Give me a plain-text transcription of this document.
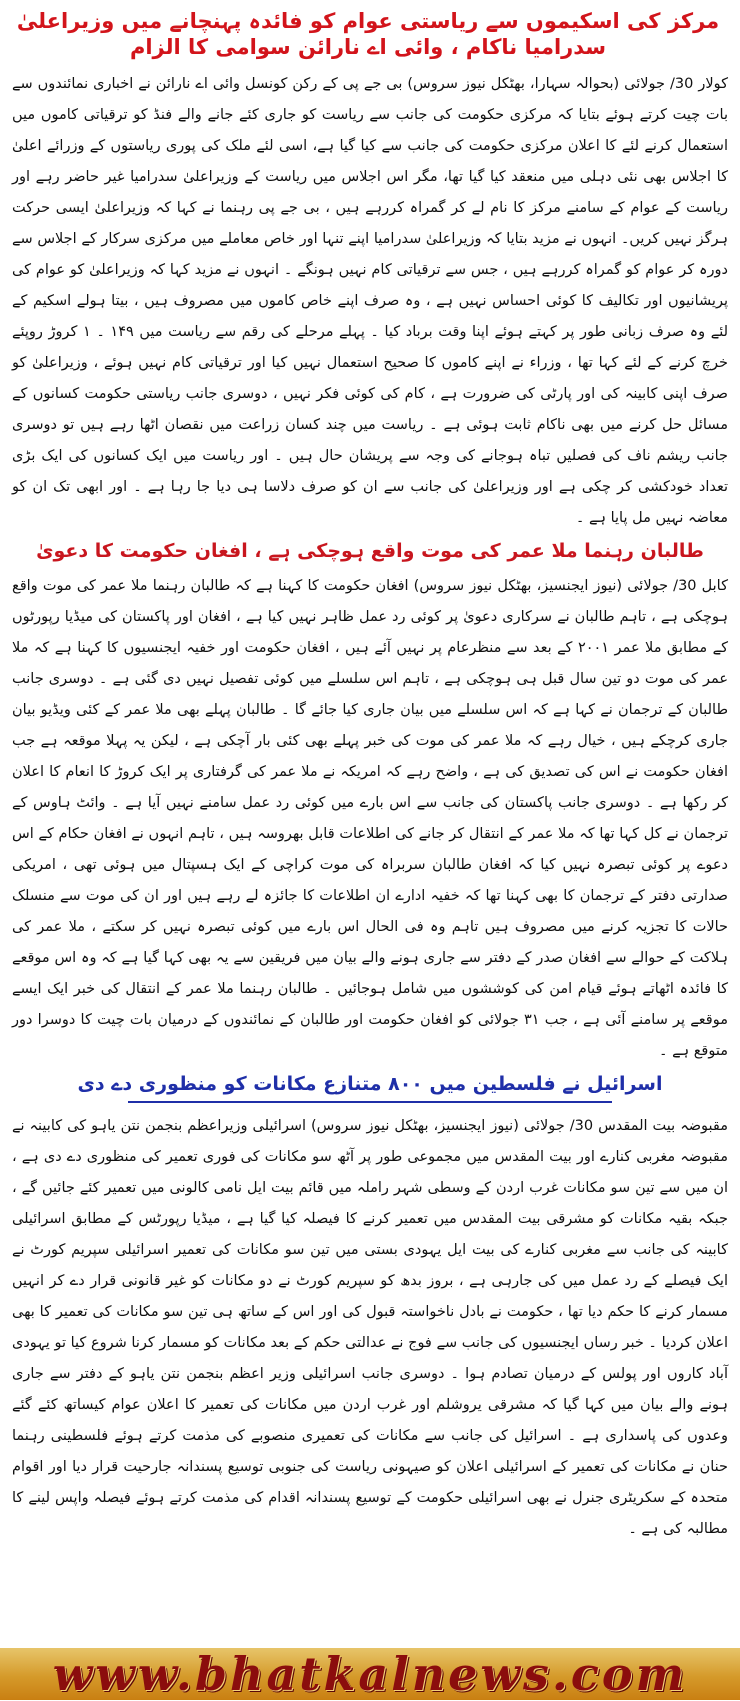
مرکز کی اسکیموں سے ریاستی عوام کو فائدہ پہنچانے میں وزیراعلیٰ سدرامیا ناکام ، وائی اے نارائن سوامی کا الزام

کولار 30/ جولائی (بحوالہ سہارا، بھٹکل نیوز سروس) بی جے پی کے رکن کونسل وائی اے نارائن نے اخباری نمائندوں سے بات چیت کرتے ہوئے بتایا کہ مرکزی حکومت کی جانب سے ریاست کو جاری کئے جانے والے فنڈ کو ترقیاتی کاموں میں استعمال کرنے لئے کا اعلان مرکزی حکومت کی جانب سے کیا گیا ہے، اسی لئے ملک کی پوری ریاستوں کے وزرائے اعلیٰ کا اجلاس بھی نئی دہلی میں منعقد کیا گیا تھا، مگر اس اجلاس میں ریاست کے وزیراعلیٰ سدرامیا غیر حاضر رہے اور ریاست کے عوام کے سامنے مرکز کا نام لے کر گمراہ کررہے ہیں ، بی جے پی رہنما نے کہا کہ وزیراعلیٰ ایسی حرکت ہرگز نہیں کریں۔ انہوں نے مزید بتایا کہ وزیراعلیٰ سدرامیا اپنے تنہا اور خاص معاملے میں مرکزی سرکار کے اجلاس سے دورہ کر عوام کو گمراہ کررہے ہیں ، جس سے ترقیاتی کام نہیں ہونگے ۔ انہوں نے مزید کہا کہ وزیراعلیٰ کو عوام کی پریشانیوں اور تکالیف کا کوئی احساس نہیں ہے ، وہ صرف اپنے خاص کاموں میں مصروف ہیں ، بیتا ہولے اسکیم کے لئے وہ صرف زبانی طور پر کہتے ہوئے اپنا وقت برباد کیا ۔ پہلے مرحلے کی رقم سے ریاست میں ۱۴۹ ۔ ۱ کروڑ روپئے خرچ کرنے کے لئے کہا تھا ، وزراء نے اپنے کاموں کا صحیح استعمال نہیں کیا اور ترقیاتی کام نہیں ہوئے ، وزیراعلیٰ کو صرف اپنی کابینہ کی اور پارٹی کی ضرورت ہے ، کام کی کوئی فکر نہیں ، دوسری جانب ریاستی حکومت کسانوں کے مسائل حل کرنے میں بھی ناکام ثابت ہوئی ہے ۔ ریاست میں چند کسان زراعت میں نقصان اٹھا رہے ہیں تو دوسری جانب ریشم ناف کی فصلیں تباہ ہوجانے کی وجہ سے پریشان حال ہیں ۔ اور ریاست میں ایک کسانوں کی ایک بڑی تعداد خودکشی کر چکی ہے اور وزیراعلیٰ کی جانب سے ان کو صرف دلاسا ہی دیا جا رہا ہے ۔ اور ابھی تک ان کو معاضہ نہیں مل پایا ہے ۔

طالبان رہنما ملا عمر کی موت واقع ہوچکی ہے ، افغان حکومت کا دعویٰ

کابل 30/ جولائی (نیوز ایجنسیز، بھٹکل نیوز سروس) افغان حکومت کا کہنا ہے کہ طالبان رہنما ملا عمر کی موت واقع ہوچکی ہے ، تاہم طالبان نے سرکاری دعویٰ پر کوئی رد عمل ظاہر نہیں کیا ہے ، افغان اور پاکستان کی میڈیا رپورٹوں کے مطابق ملا عمر ۲۰۰۱ کے بعد سے منظرعام پر نہیں آئے ہیں ، افغان حکومت اور خفیہ ایجنسیوں کا کہنا ہے کہ ملا عمر کی موت دو تین سال قبل ہی ہوچکی ہے ، تاہم اس سلسلے میں کوئی تفصیل نہیں دی گئی ہے ۔ دوسری جانب طالبان کے ترجمان نے کہا ہے کہ اس سلسلے میں بیان جاری کیا جائے گا ۔ طالبان پہلے بھی ملا عمر کے کئی ویڈیو بیان جاری کرچکے ہیں ، خیال رہے کہ ملا عمر کی موت کی خبر پہلے بھی کئی بار آچکی ہے ، لیکن یہ پہلا موقعہ ہے جب افغان حکومت نے اس کی تصدیق کی ہے ، واضح رہے کہ امریکہ نے ملا عمر کی گرفتاری پر ایک کروڑ کا انعام کا اعلان کر رکھا ہے ۔ دوسری جانب پاکستان کی جانب سے اس بارے میں کوئی رد عمل سامنے نہیں آیا ہے ۔ وائٹ ہاوس کے ترجمان نے کل کہا تھا کہ ملا عمر کے انتقال کر جانے کی اطلاعات قابل بھروسہ ہیں ، تاہم انہوں نے افغان حکام کے اس دعوے پر کوئی تبصرہ نہیں کیا کہ افغان طالبان سربراہ کی موت کراچی کے ایک ہسپتال میں ہوئی تھی ، امریکی صدارتی دفتر کے ترجمان کا بھی کہنا تھا کہ خفیہ ادارے ان اطلاعات کا جائزہ لے رہے ہیں اور ان کی موت سے منسلک حالات کا تجزیہ کرنے میں مصروف ہیں تاہم وہ فی الحال اس بارے میں کوئی تبصرہ نہیں کر سکتے ، ملا عمر کی ہلاکت کے حوالے سے افغان صدر کے دفتر سے جاری ہونے والے بیان میں فریقین سے یہ بھی کہا گیا ہے کہ وہ اس موقعے کا فائدہ اٹھاتے ہوئے قیام امن کی کوششوں میں شامل ہوجائیں ۔ طالبان رہنما ملا عمر کے انتقال کی خبر ایک ایسے موقعے پر سامنے آئی ہے ، جب ۳۱ جولائی کو افغان حکومت اور طالبان کے نمائندوں کے درمیان بات چیت کا دوسرا دور متوقع ہے ۔

اسرائیل نے فلسطین میں ۸۰۰ متنازع مکانات کو منظوری دے دی

مقبوضہ بیت المقدس 30/ جولائی (نیوز ایجنسیز، بھٹکل نیوز سروس) اسرائیلی وزیراعظم بنجمن نتن یاہو کی کابینہ نے مقبوضہ مغربی کنارے اور بیت المقدس میں مجموعی طور پر آٹھ سو مکانات کی فوری تعمیر کی منظوری دے دی ہے ، ان میں سے تین سو مکانات غرب اردن کے وسطی شہر راملہ میں قائم بیت ایل نامی کالونی میں تعمیر کئے جائیں گے ، جبکہ بقیہ مکانات کو مشرقی بیت المقدس میں تعمیر کرنے کا فیصلہ کیا گیا ہے ، میڈیا رپورٹس کے مطابق اسرائیلی کابینہ کی جانب سے مغربی کنارے کی بیت ایل یہودی بستی میں تین سو مکانات کی تعمیر اسرائیلی سپریم کورٹ نے ایک فیصلے کے رد عمل میں کی جارہی ہے ، بروز بدھ کو سپریم کورٹ نے دو مکانات کو غیر قانونی قرار دے کر انہیں مسمار کرنے کا حکم دیا تھا ، حکومت نے بادل ناخواستہ قبول کی اور اس کے ساتھ ہی تین سو مکانات کی تعمیر کا بھی اعلان کردیا ۔ خبر رساں ایجنسیوں کی جانب سے فوج نے عدالتی حکم کے بعد مکانات کو مسمار کرنا شروع کیا تو یہودی آباد کاروں اور پولس کے درمیان تصادم ہوا ۔ دوسری جانب اسرائیلی وزیر اعظم بنجمن نتن یاہو کے دفتر سے جاری ہونے والے بیان میں کہا گیا کہ مشرقی یروشلم اور غرب اردن میں مکانات کی تعمیر کا اعلان عوام کیساتھ کئے گئے وعدوں کی پاسداری ہے ۔ اسرائیل کی جانب سے مکانات کی تعمیری منصوبے کی مذمت کرتے ہوئے فلسطینی رہنما حنان نے مکانات کی تعمیر کے اسرائیلی اعلان کو صیہونی ریاست کی جنوبی توسیع پسندانہ جارحیت قرار دیا اور اقوام متحدہ کے سکریٹری جنرل نے بھی اسرائیلی حکومت کے توسیع پسندانہ اقدام کی مذمت کرتے ہوئے فیصلہ واپس لینے کا مطالبہ کی ہے ۔

www.bhatkalnews.com
